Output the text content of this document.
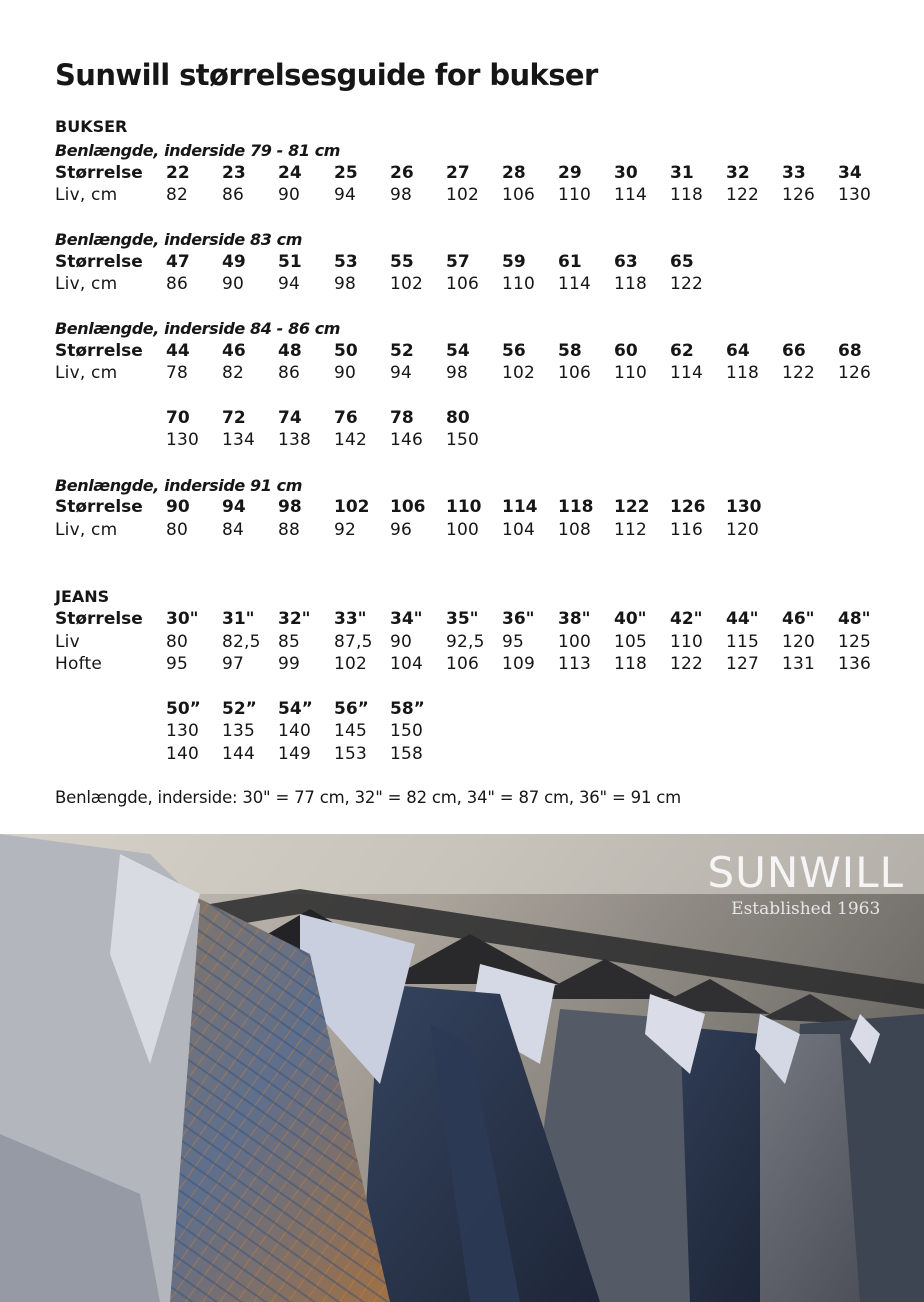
Sunwill størrelsesguide for bukser
BUKSER
Benlængde, inderside 79 - 81 cm
Størrelse 22 23 24 25 26 27 28 29 30 31 32 33 34
Liv, cm	82 86 90 94 98 102 106 110 114 118 122 126 130
Benlængde, inderside 83 cm
Størrelse 47 49 51 53 55 57 59 61 63 65
Liv, cm	86 90 94 98 102 106 110 114 118 122
Benlængde, inderside 84 - 86 cm
Størrelse 44 46 48 50 52 54 56 58 60 62 64 66 68
Liv, cm	78 82 86 90 94 98 102 106 110 114 118 122 126
70 72 74 76 78 80
130 134 138 142 146 150
Benlængde, inderside 91 cm
Størrelse 90 94 98 102 106 110 114 118 122 126 130
Liv, cm	80 84 88 92 96 100 104 108 112 116 120
JEANS
Størrelse 30" 31" 32" 33" 34" 35" 36" 38" 40" 42" 44" 46" 48"
Liv	80 82,5 85 87,5 90 92,5 95 100 105 110 115 120 125
Hofte	95 97 99 102 104 106 109 113 118 122 127 131 136
50” 52” 54” 56” 58”
130 135 140 145 150
140 144 149 153 158
Benlængde, inderside: 30" = 77 cm, 32" = 82 cm, 34" = 87 cm, 36" = 91 cm
SUNWILL
Established 1963
